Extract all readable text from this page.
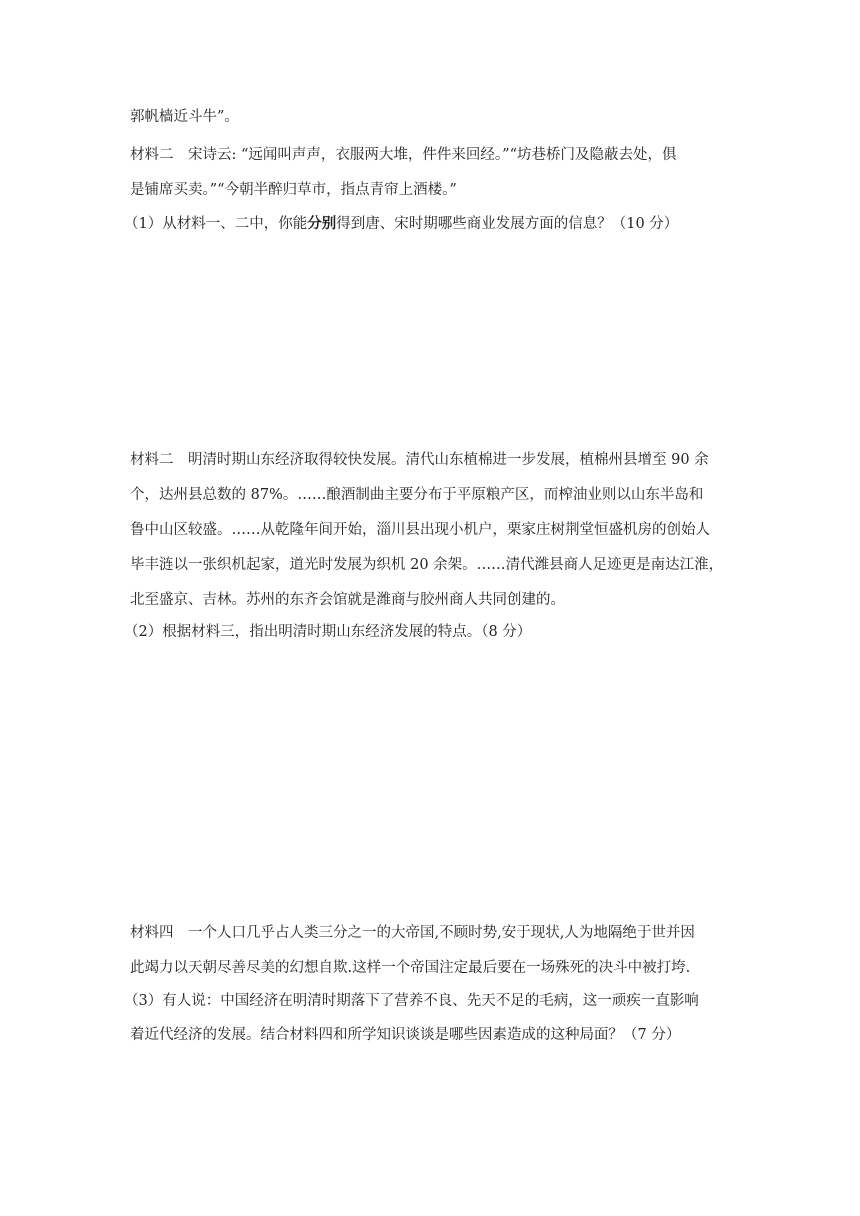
郭帆樯近斗牛”。
材料二　宋诗云: “远闻叫声声，衣服两大堆，件件来回经。”“坊巷桥门及隐蔽去处，俱
是铺席买卖。”“今朝半醉归草市，指点青帘上酒楼。”
（1）从材料一、二中，你能分别得到唐、宋时期哪些商业发展方面的信息？（10 分）
材料二　明清时期山东经济取得较快发展。清代山东植棉进一步发展，植棉州县增至 90 余
个，达州县总数的 87%。……酿酒制曲主要分布于平原粮产区，而榨油业则以山东半岛和
鲁中山区较盛。……从乾隆年间开始，淄川县出现小机户，栗家庄树荆堂恒盛机房的创始人
毕丰涟以一张织机起家，道光时发展为织机 20 余架。……清代潍县商人足迹更是南达江淮，
北至盛京、吉林。苏州的东齐会馆就是潍商与胶州商人共同创建的。
（2）根据材料三，指出明清时期山东经济发展的特点。（8 分）
材料四　一个人口几乎占人类三分之一的大帝国,不顾时势,安于现状,人为地隔绝于世并因
此竭力以天朝尽善尽美的幻想自欺.这样一个帝国注定最后要在一场殊死的决斗中被打垮.
（3）有人说：中国经济在明清时期落下了营养不良、先天不足的毛病，这一顽疾一直影响
着近代经济的发展。结合材料四和所学知识谈谈是哪些因素造成的这种局面？（7 分）
